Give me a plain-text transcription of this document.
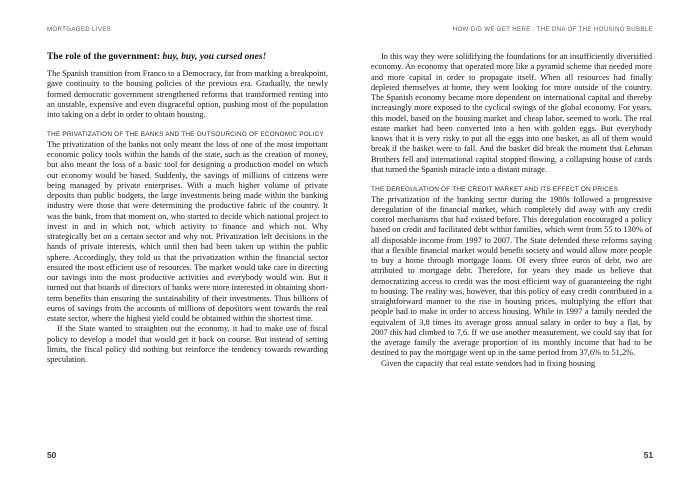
MORTGAGED LIVES	HOW DID WE GET HERE : THE DNA OF THE HOUSING BUBBLE
The role of the government: buy, buy, you cursed ones!

The Spanish transition from Franco to a Democracy, far from marking a breakpoint, gave continuity to the housing policies of the previous era. Gradually, the newly formed democratic government strengthened reforms that transformed renting into an unstable, expensive and even disgraceful option, pushing most of the population into taking on a debt in order to obtain housing.

THE PRIVATIZATION OF THE BANKS AND THE OUTSOURCING OF ECONOMIC POLICY

The privatization of the banks not only meant the loss of one of the most important economic policy tools within the hands of the state, such as the creation of money, but also meant the loss of a basic tool for designing a production model on which our economy would be based. Suddenly, the savings of millions of citizens were being managed by private enterprises. With a much higher volume of private deposits than public budgets, the large investments being made within the banking industry were those that were determining the productive fabric of the country. It was the bank, from that moment on, who started to decide which national project to invest in and in which not, which activity to finance and which not. Why strategically bet on a certain sector and why not. Privatization left decisions in the hands of private interests, which until then had been taken up within the public sphere. Accordingly, they told us that the privatization within the financial sector ensured the most efficient use of resources. The market would take care in directing our savings into the most productive activities and everybody would win. But it turned out that boards of directors of banks were more interested in obtaining short-term benefits than ensuring the sustainability of their investments. Thus billions of euros of savings from the accounts of millions of depositors went towards the real estate sector, where the highest yield could be obtained within the shortest time.

If the State wanted to straighten out the economy, it had to make use of fiscal policy to develop a model that would get it back on course. But instead of setting limits, the fiscal policy did nothing but reinforce the tendency towards rewarding speculation.

In this way they were solidifying the foundations for an insufficiently diversified economy. An economy that operated more like a pyramid scheme that needed more and more capital in order to propagate itself. When all resources had finally depleted themselves at home, they went looking for more outside of the country. The Spanish economy became more dependent on international capital and thereby increasingly more exposed to the cyclical swings of the global economy. For years, this model, based on the housing market and cheap labor, seemed to work. The real estate market had been converted into a hen with golden eggs. But everybody knows that it is very risky to put all the eggs into one basket, as all of them would break if the basket were to fall. And the basket did break the moment that Lehman Brothers fell and international capital stopped flowing, a collapsing house of cards that turned the Spanish miracle into a distant mirage.

THE DEREGULATION OF THE CREDIT MARKET AND ITS EFFECT ON PRICES

The privatization of the banking sector during the 1980s followed a progressive deregulation of the financial market, which completely did away with any credit control mechanisms that had existed before. This deregulation encouraged a policy based on credit and facilitated debt within families, which went from 55 to 130% of all disposable income from 1997 to 2007. The State defended these reforms saying that a flexible financial market would benefit society and would allow more people to buy a home through mortgage loans. Of every three euros of debt, two are attributed to mortgage debt. Therefore, for years they made us believe that democratizing access to credit was the most efficient way of guaranteeing the right to housing. The reality was, however, that this policy of easy credit contributed in a straightforward manner to the rise in housing prices, multiplying the effort that people had to make in order to access housing. While in 1997 a family needed the equivalent of 3,8 times its average gross annual salary in order to buy a flat, by 2007 this had climbed to 7,6. If we use another measurement, we could say that for the average family the average proportion of its monthly income that had to be destined to pay the mortgage went up in the same period from 37,6% to 51,2%.

Given the capacity that real estate vendors had in fixing housing

50	51
